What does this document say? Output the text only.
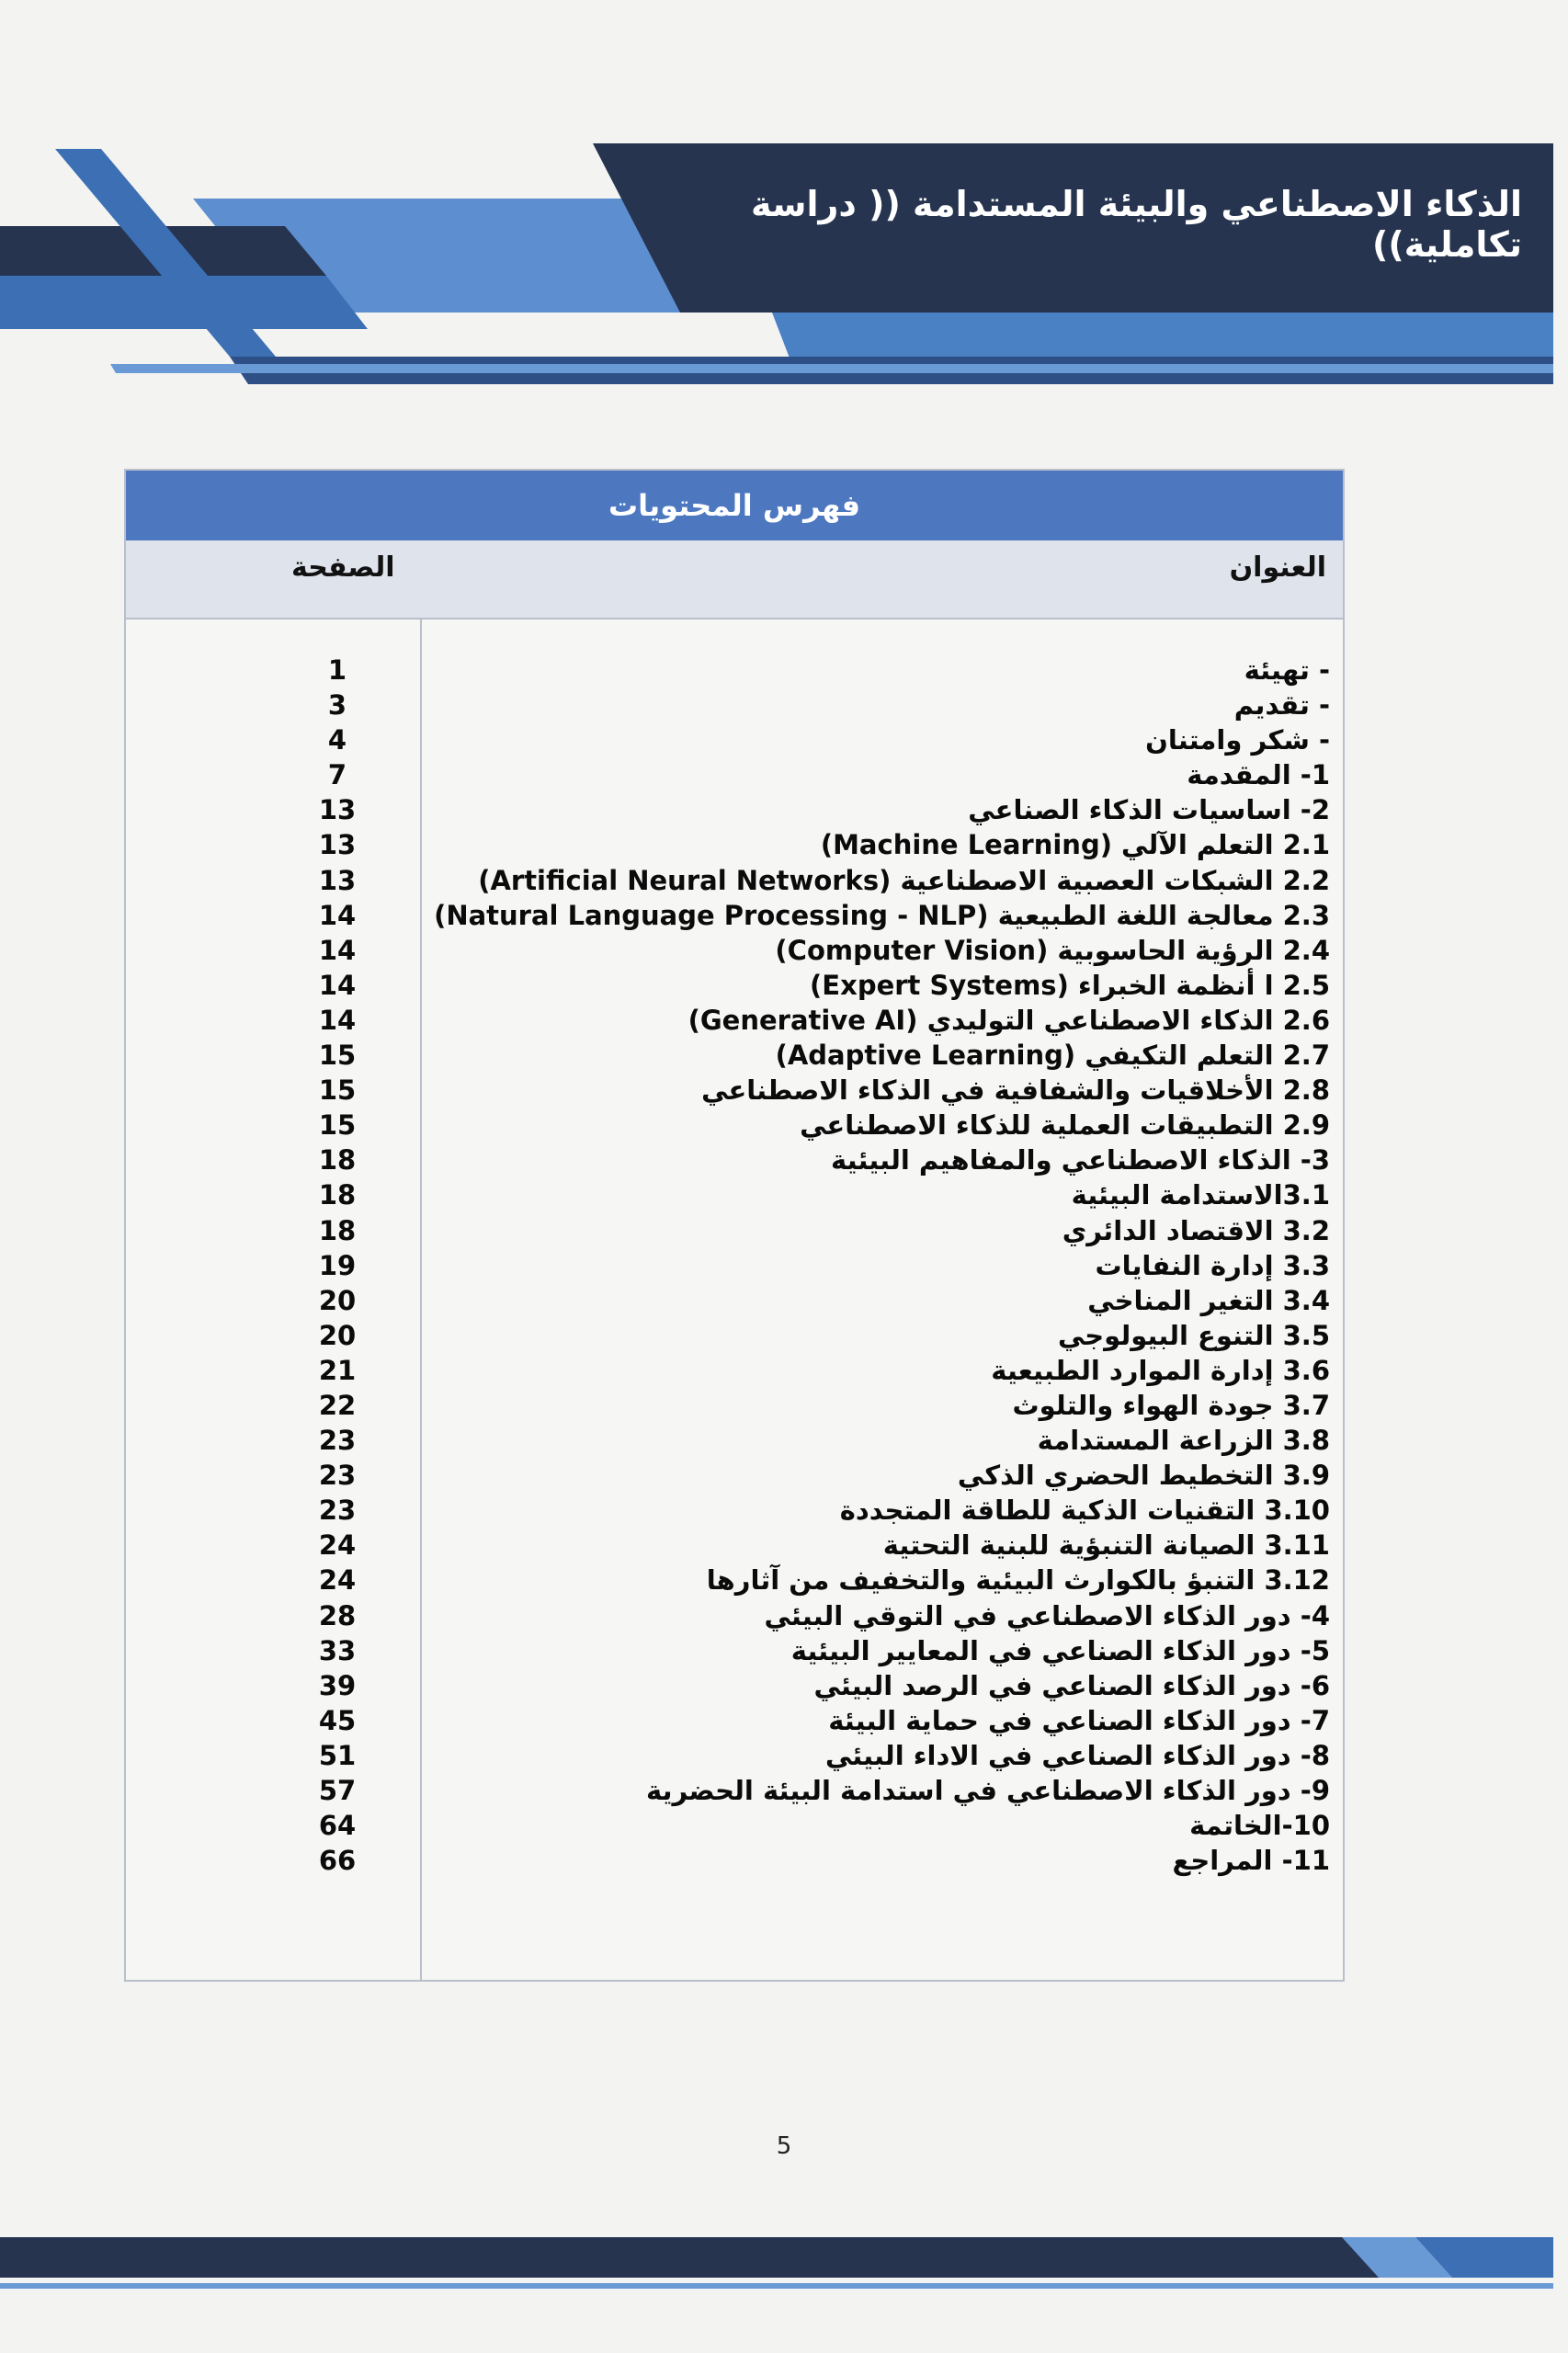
الذكاء الاصطناعي والبيئة المستدامة (( دراسة تكاملية))
فهرس المحتويات
العنوان
الصفحة
- تهيئة
1
- تقديم
3
- شكر وامتنان
4
1- المقدمة
7
2- اساسيات الذكاء الصناعي
13
2.1 التعلم الآلي (Machine Learning)
13
2.2 الشبكات العصبية الاصطناعية (Artificial Neural Networks)
13
2.3 معالجة اللغة الطبيعية (Natural Language Processing - NLP)
14
2.4 الرؤية الحاسوبية (Computer Vision)
14
2.5 ا أنظمة الخبراء (Expert Systems)
14
2.6 الذكاء الاصطناعي التوليدي (Generative AI)
14
2.7 التعلم التكيفي (Adaptive Learning)
15
2.8 الأخلاقيات والشفافية في الذكاء الاصطناعي
15
2.9 التطبيقات العملية للذكاء الاصطناعي
15
3- الذكاء الاصطناعي والمفاهيم البيئية
18
3.1الاستدامة البيئية
18
3.2 الاقتصاد الدائري
18
3.3 إدارة النفايات
19
3.4 التغير المناخي
20
3.5 التنوع البيولوجي
20
3.6 إدارة الموارد الطبيعية
21
3.7 جودة الهواء والتلوث
22
3.8 الزراعة المستدامة
23
3.9 التخطيط الحضري الذكي
23
3.10 التقنيات الذكية للطاقة المتجددة
23
3.11 الصيانة التنبؤية للبنية التحتية
24
3.12 التنبؤ بالكوارث البيئية والتخفيف من آثارها
24
4- دور الذكاء الاصطناعي في التوقي البيئي
28
5- دور الذكاء الصناعي في المعايير البيئية
33
6- دور الذكاء الصناعي في الرصد البيئي
39
7- دور الذكاء الصناعي في حماية البيئة
45
8- دور الذكاء الصناعي في الاداء البيئي
51
9- دور الذكاء الاصطناعي في استدامة البيئة الحضرية
57
10-الخاتمة
64
11- المراجع
66
5
